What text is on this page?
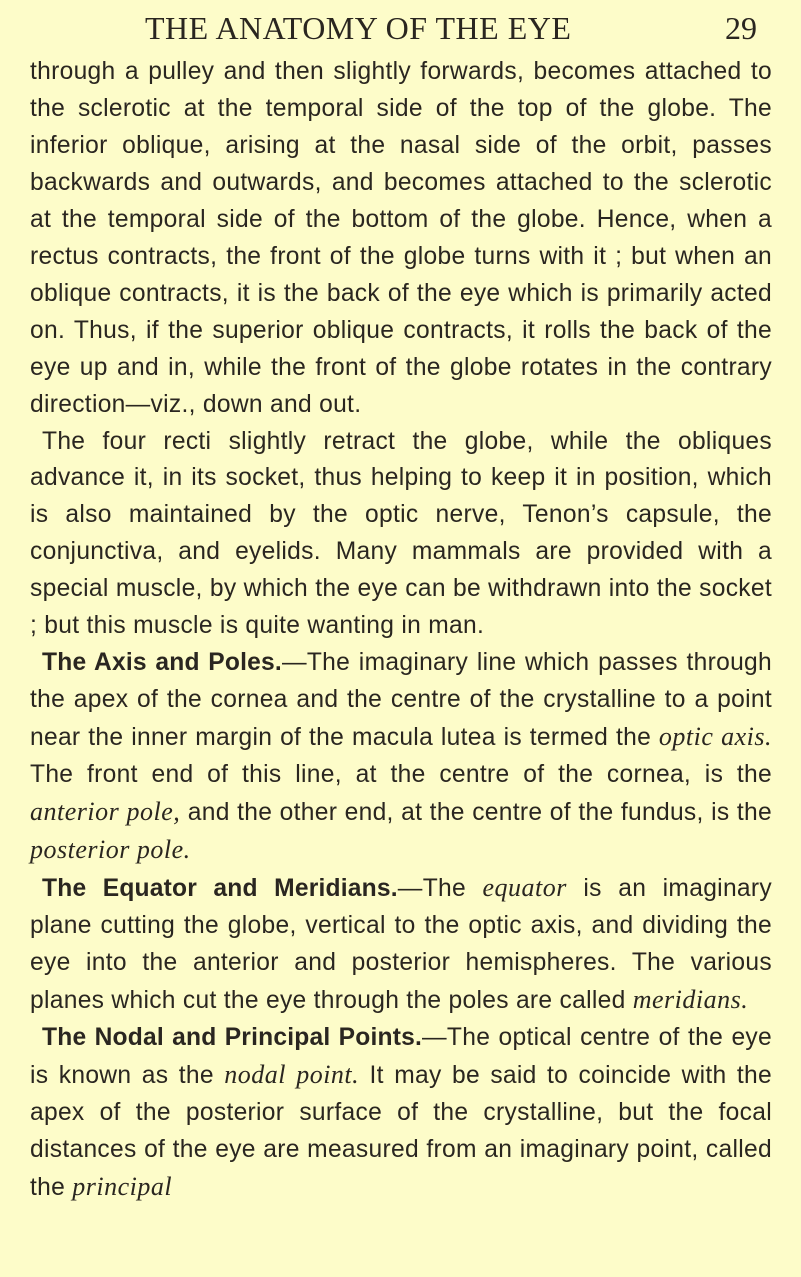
THE ANATOMY OF THE EYE	29

through a pulley and then slightly forwards, becomes attached to the sclerotic at the temporal side of the top of the globe. The inferior oblique, arising at the nasal side of the orbit, passes backwards and outwards, and becomes attached to the sclerotic at the temporal side of the bottom of the globe. Hence, when a rectus contracts, the front of the globe turns with it ; but when an oblique contracts, it is the back of the eye which is primarily acted on. Thus, if the superior oblique contracts, it rolls the back of the eye up and in, while the front of the globe rotates in the contrary direction—viz., down and out.

The four recti slightly retract the globe, while the obliques advance it, in its socket, thus helping to keep it in position, which is also maintained by the optic nerve, Tenon’s capsule, the conjunctiva, and eyelids. Many mammals are provided with a special muscle, by which the eye can be withdrawn into the socket ; but this muscle is quite wanting in man.

The Axis and Poles.—The imaginary line which passes through the apex of the cornea and the centre of the crystalline to a point near the inner margin of the macula lutea is termed the optic axis. The front end of this line, at the centre of the cornea, is the anterior pole, and the other end, at the centre of the fundus, is the posterior pole.

The Equator and Meridians.—The equator is an imaginary plane cutting the globe, vertical to the optic axis, and dividing the eye into the anterior and posterior hemispheres. The various planes which cut the eye through the poles are called meridians.

The Nodal and Principal Points.—The optical centre of the eye is known as the nodal point. It may be said to coincide with the apex of the posterior surface of the crystalline, but the focal distances of the eye are measured from an imaginary point, called the principal
